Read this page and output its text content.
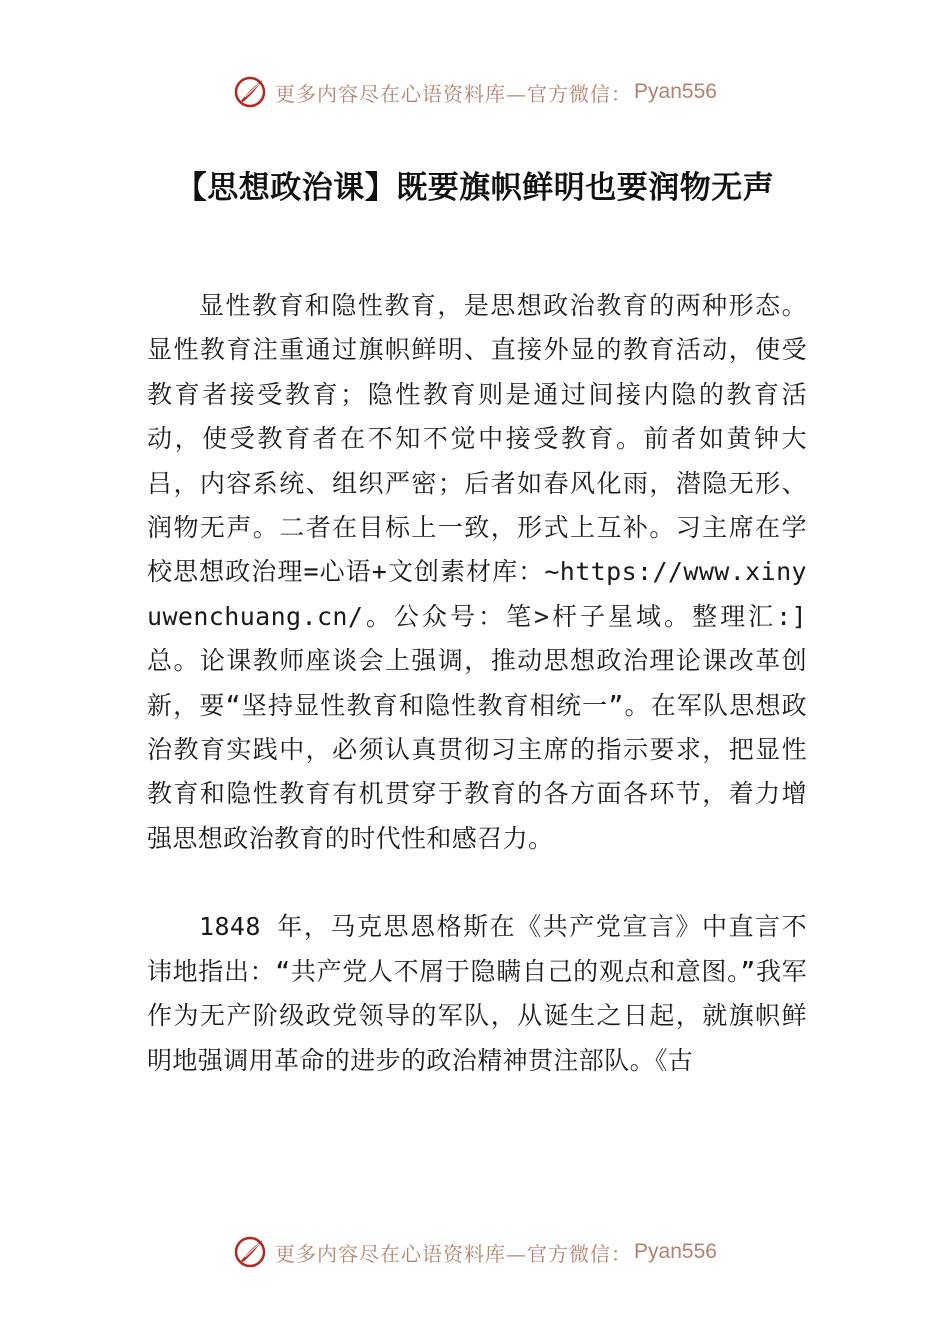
更多内容尽在心语资料库—官方微信： Pyan556
【思想政治课】既要旗帜鲜明也要润物无声

显性教育和隐性教育，是思想政治教育的两种形态。显性教育注重通过旗帜鲜明、直接外显的教育活动，使受教育者接受教育；隐性教育则是通过间接内隐的教育活动，使受教育者在不知不觉中接受教育。前者如黄钟大吕，内容系统、组织严密；后者如春风化雨，潜隐无形、润物无声。二者在目标上一致，形式上互补。习主席在学校思想政治理=心语+文创素材库：~https://www.xinyuwenchuang.cn/。公众号：笔>杆子星域。整理汇:]总。论课教师座谈会上强调，推动思想政治理论课改革创新，要“坚持显性教育和隐性教育相统一”。在军队思想政治教育实践中，必须认真贯彻习主席的指示要求，把显性教育和隐性教育有机贯穿于教育的各方面各环节，着力增强思想政治教育的时代性和感召力。

1848 年，马克思恩格斯在《共产党宣言》中直言不讳地指出：“共产党人不屑于隐瞒自己的观点和意图。”我军作为无产阶级政党领导的军队，从诞生之日起，就旗帜鲜明地强调用革命的进步的政治精神贯注部队。《古

更多内容尽在心语资料库—官方微信： Pyan556
